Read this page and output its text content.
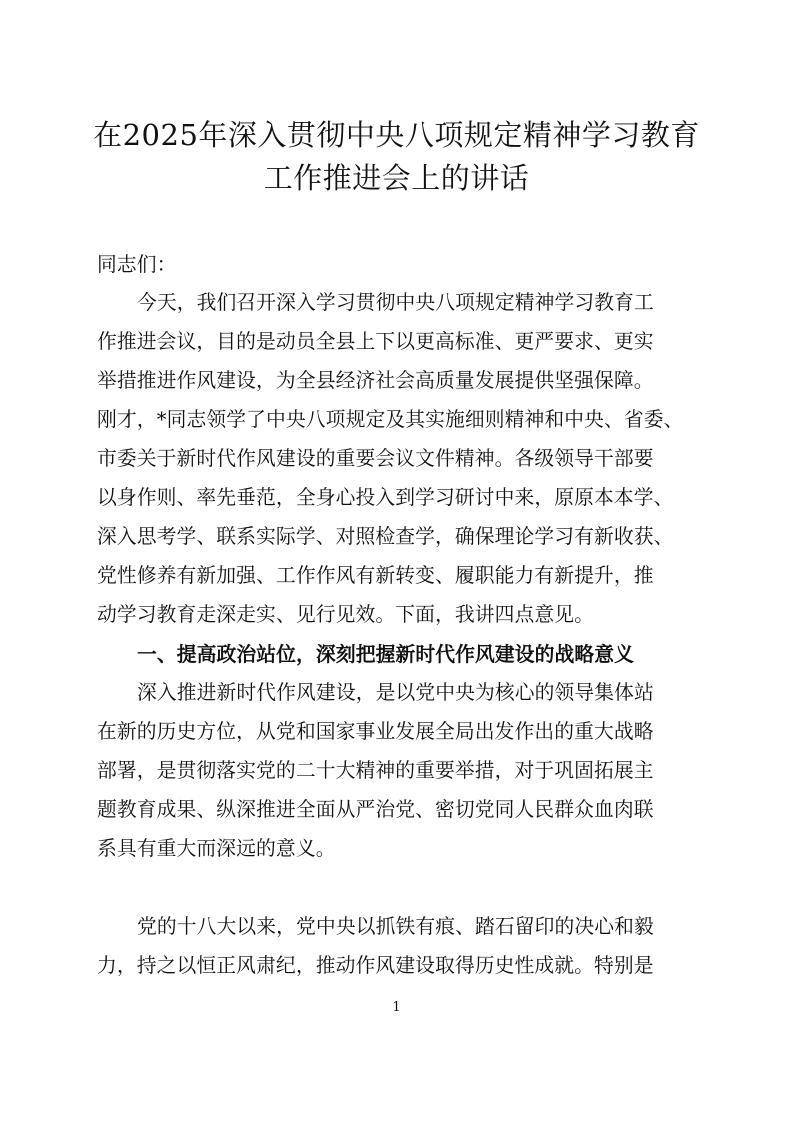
在2025年深入贯彻中央八项规定精神学习教育
工作推进会上的讲话
同志们：
今天，我们召开深入学习贯彻中央八项规定精神学习教育工
作推进会议，目的是动员全县上下以更高标准、更严要求、更实
举措推进作风建设，为全县经济社会高质量发展提供坚强保障。
刚才，*同志领学了中央八项规定及其实施细则精神和中央、省委、
市委关于新时代作风建设的重要会议文件精神。各级领导干部要
以身作则、率先垂范，全身心投入到学习研讨中来，原原本本学、
深入思考学、联系实际学、对照检查学，确保理论学习有新收获、
党性修养有新加强、工作作风有新转变、履职能力有新提升，推
动学习教育走深走实、见行见效。下面，我讲四点意见。
一、提高政治站位，深刻把握新时代作风建设的战略意义
深入推进新时代作风建设，是以党中央为核心的领导集体站
在新的历史方位，从党和国家事业发展全局出发作出的重大战略
部署，是贯彻落实党的二十大精神的重要举措，对于巩固拓展主
题教育成果、纵深推进全面从严治党、密切党同人民群众血肉联
系具有重大而深远的意义。
党的十八大以来，党中央以抓铁有痕、踏石留印的决心和毅
力，持之以恒正风肃纪，推动作风建设取得历史性成就。特别是
1
